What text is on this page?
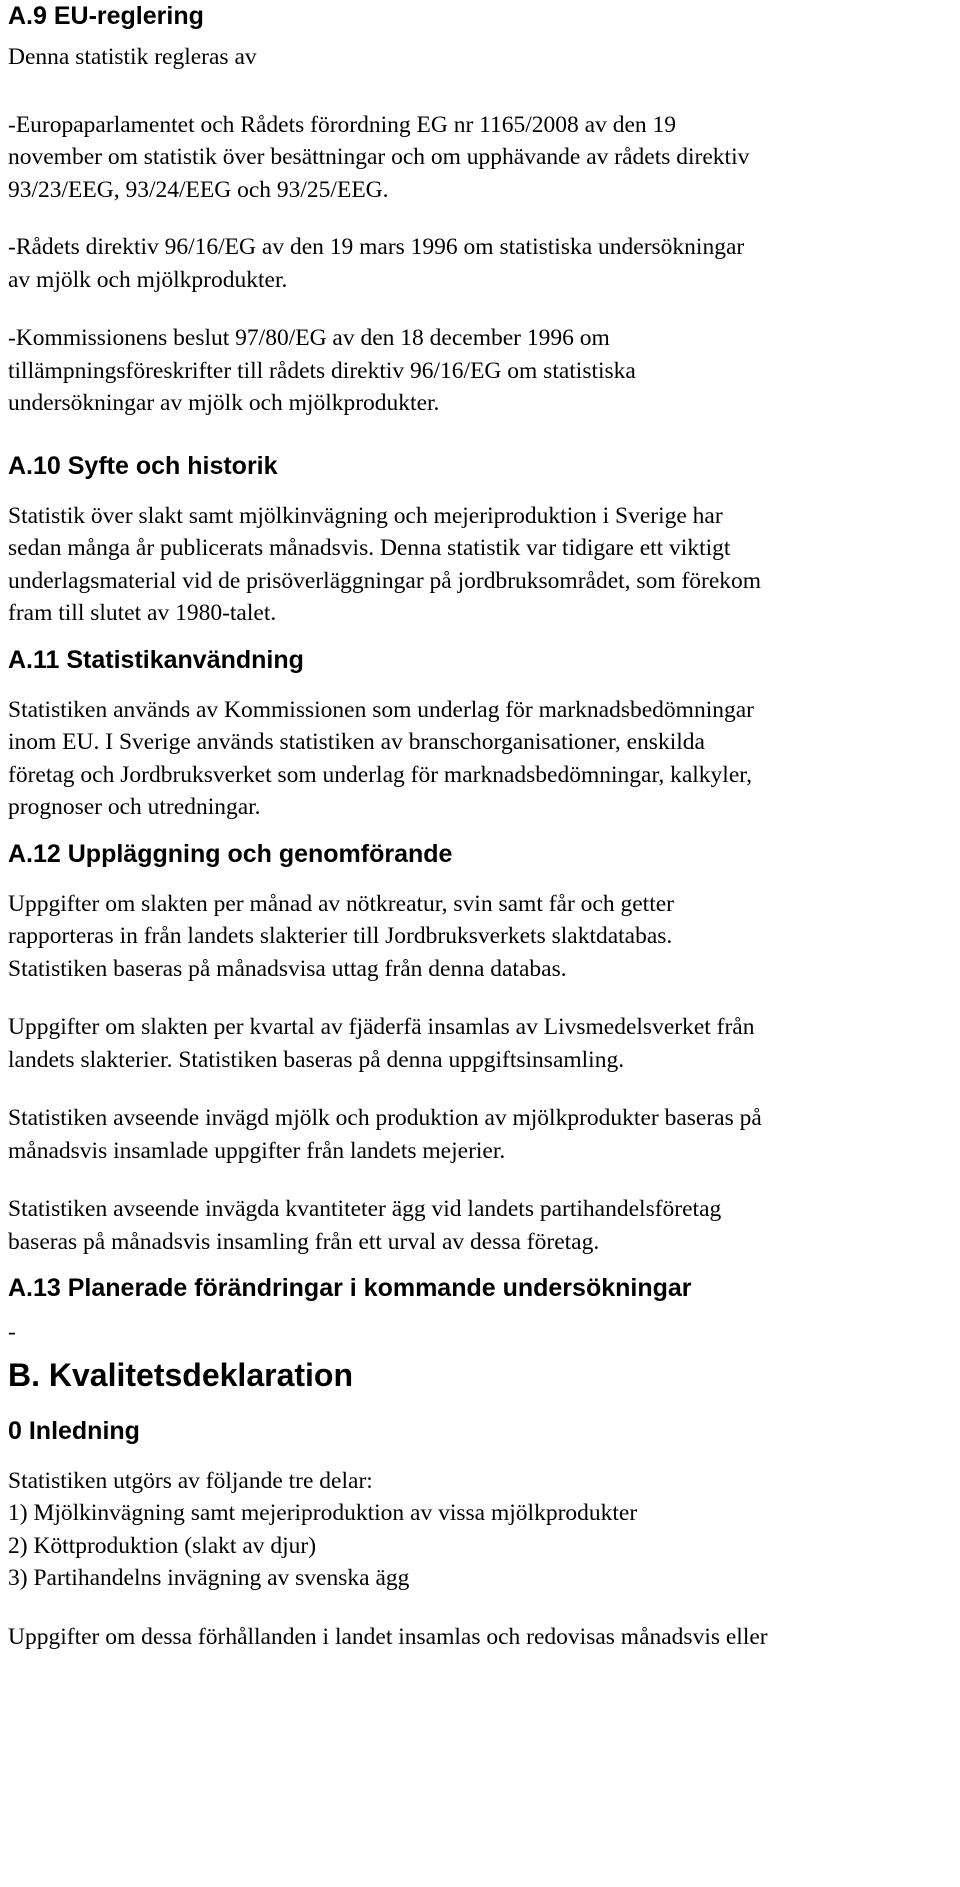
A.9 EU-reglering

Denna statistik regleras av

-Europaparlamentet och Rådets förordning EG nr 1165/2008 av den 19
november om statistik över besättningar och om upphävande av rådets direktiv
93/23/EEG, 93/24/EEG och 93/25/EEG.

-Rådets direktiv 96/16/EG av den 19 mars 1996 om statistiska undersökningar
av mjölk och mjölkprodukter.

-Kommissionens beslut 97/80/EG av den 18 december 1996 om
tillämpningsföreskrifter till rådets direktiv 96/16/EG om statistiska
undersökningar av mjölk och mjölkprodukter.

A.10 Syfte och historik

Statistik över slakt samt mjölkinvägning och mejeriproduktion i Sverige har
sedan många år publicerats månadsvis. Denna statistik var tidigare ett viktigt
underlagsmaterial vid de prisöverläggningar på jordbruksområdet, som förekom
fram till slutet av 1980-talet.

A.11 Statistikanvändning

Statistiken används av Kommissionen som underlag för marknadsbedömningar
inom EU. I Sverige används statistiken av branschorganisationer, enskilda
företag och Jordbruksverket som underlag för marknadsbedömningar, kalkyler,
prognoser och utredningar.

A.12 Uppläggning och genomförande

Uppgifter om slakten per månad av nötkreatur, svin samt får och getter
rapporteras in från landets slakterier till Jordbruksverkets slaktdatabas.
Statistiken baseras på månadsvisa uttag från denna databas.

Uppgifter om slakten per kvartal av fjäderfä insamlas av Livsmedelsverket från
landets slakterier. Statistiken baseras på denna uppgiftsinsamling.

Statistiken avseende invägd mjölk och produktion av mjölkprodukter baseras på
månadsvis insamlade uppgifter från landets mejerier.

Statistiken avseende invägda kvantiteter ägg vid landets partihandelsföretag
baseras på månadsvis insamling från ett urval av dessa företag.

A.13 Planerade förändringar i kommande undersökningar

-

B. Kvalitetsdeklaration
0 Inledning

Statistiken utgörs av följande tre delar:
1) Mjölkinvägning samt mejeriproduktion av vissa mjölkprodukter
2) Köttproduktion (slakt av djur)
3) Partihandelns invägning av svenska ägg

Uppgifter om dessa förhållanden i landet insamlas och redovisas månadsvis eller
